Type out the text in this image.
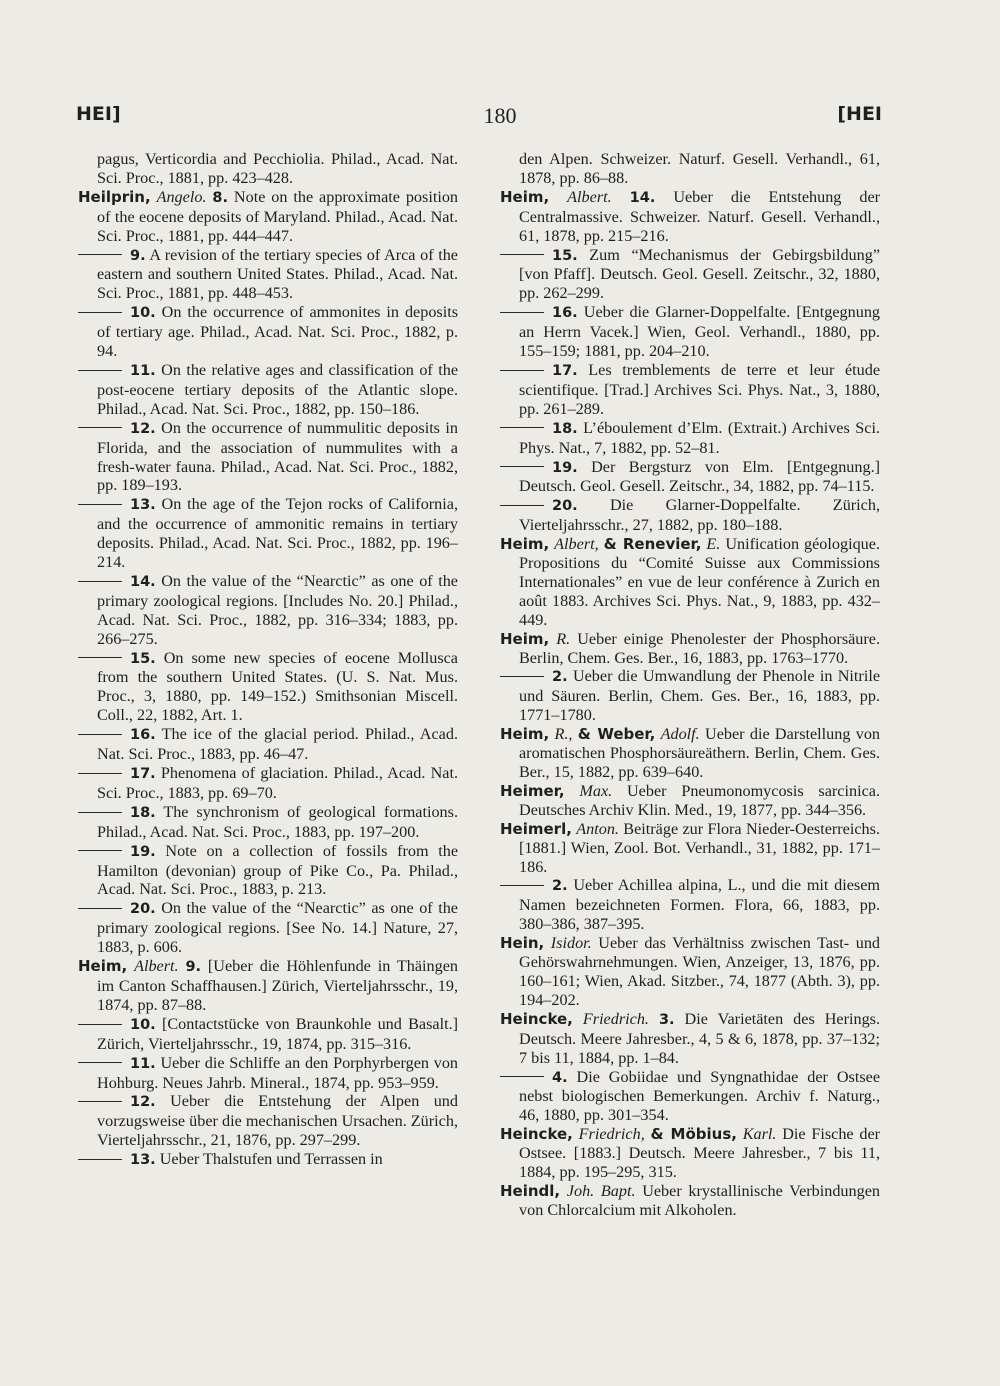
HEI]	180	[HEI

pagus, Verticordia and Pecchiolia. Philad., Acad. Nat. Sci. Proc., 1881, pp. 423–428.

Heilprin, Angelo. 8. Note on the approximate position of the eocene deposits of Maryland. Philad., Acad. Nat. Sci. Proc., 1881, pp. 444–447.

9. A revision of the tertiary species of Arca of the eastern and southern United States. Philad., Acad. Nat. Sci. Proc., 1881, pp. 448–453.

10. On the occurrence of ammonites in deposits of tertiary age. Philad., Acad. Nat. Sci. Proc., 1882, p. 94.

11. On the relative ages and classification of the post-eocene tertiary deposits of the Atlantic slope. Philad., Acad. Nat. Sci. Proc., 1882, pp. 150–186.

12. On the occurrence of nummulitic deposits in Florida, and the association of nummulites with a fresh-water fauna. Philad., Acad. Nat. Sci. Proc., 1882, pp. 189–193.

13. On the age of the Tejon rocks of California, and the occurrence of ammonitic remains in tertiary deposits. Philad., Acad. Nat. Sci. Proc., 1882, pp. 196–214.

14. On the value of the “Nearctic” as one of the primary zoological regions. [Includes No. 20.] Philad., Acad. Nat. Sci. Proc., 1882, pp. 316–334; 1883, pp. 266–275.

15. On some new species of eocene Mollusca from the southern United States. (U. S. Nat. Mus. Proc., 3, 1880, pp. 149–152.) Smithsonian Miscell. Coll., 22, 1882, Art. 1.

16. The ice of the glacial period. Philad., Acad. Nat. Sci. Proc., 1883, pp. 46–47.

17. Phenomena of glaciation. Philad., Acad. Nat. Sci. Proc., 1883, pp. 69–70.

18. The synchronism of geological formations. Philad., Acad. Nat. Sci. Proc., 1883, pp. 197–200.

19. Note on a collection of fossils from the Hamilton (devonian) group of Pike Co., Pa. Philad., Acad. Nat. Sci. Proc., 1883, p. 213.

20. On the value of the “Nearctic” as one of the primary zoological regions. [See No. 14.] Nature, 27, 1883, p. 606.

Heim, Albert. 9. [Ueber die Höhlenfunde in Thäingen im Canton Schaffhausen.] Zürich, Vierteljahrsschr., 19, 1874, pp. 87–88.

10. [Contactstücke von Braunkohle und Basalt.] Zürich, Vierteljahrsschr., 19, 1874, pp. 315–316.

11. Ueber die Schliffe an den Porphyrbergen von Hohburg. Neues Jahrb. Mineral., 1874, pp. 953–959.

12. Ueber die Entstehung der Alpen und vorzugsweise über die mechanischen Ursachen. Zürich, Vierteljahrsschr., 21, 1876, pp. 297–299.

13. Ueber Thalstufen und Terrassen in

den Alpen. Schweizer. Naturf. Gesell. Verhandl., 61, 1878, pp. 86–88.

Heim, Albert. 14. Ueber die Entstehung der Centralmassive. Schweizer. Naturf. Gesell. Verhandl., 61, 1878, pp. 215–216.

15. Zum “Mechanismus der Gebirgsbildung” [von Pfaff]. Deutsch. Geol. Gesell. Zeitschr., 32, 1880, pp. 262–299.

16. Ueber die Glarner-Doppelfalte. [Entgegnung an Herrn Vacek.] Wien, Geol. Verhandl., 1880, pp. 155–159; 1881, pp. 204–210.

17. Les tremblements de terre et leur étude scientifique. [Trad.] Archives Sci. Phys. Nat., 3, 1880, pp. 261–289.

18. L’éboulement d’Elm. (Extrait.) Archives Sci. Phys. Nat., 7, 1882, pp. 52–81.

19. Der Bergsturz von Elm. [Entgegnung.] Deutsch. Geol. Gesell. Zeitschr., 34, 1882, pp. 74–115.

20. Die Glarner-Doppelfalte. Zürich, Vierteljahrsschr., 27, 1882, pp. 180–188.

Heim, Albert, & Renevier, E. Unification géologique. Propositions du “Comité Suisse aux Commissions Internationales” en vue de leur conférence à Zurich en août 1883. Archives Sci. Phys. Nat., 9, 1883, pp. 432–449.

Heim, R. Ueber einige Phenolester der Phosphorsäure. Berlin, Chem. Ges. Ber., 16, 1883, pp. 1763–1770.

2. Ueber die Umwandlung der Phenole in Nitrile und Säuren. Berlin, Chem. Ges. Ber., 16, 1883, pp. 1771–1780.

Heim, R., & Weber, Adolf. Ueber die Darstellung von aromatischen Phosphorsäureäthern. Berlin, Chem. Ges. Ber., 15, 1882, pp. 639–640.

Heimer, Max. Ueber Pneumonomycosis sarcinica. Deutsches Archiv Klin. Med., 19, 1877, pp. 344–356.

Heimerl, Anton. Beiträge zur Flora Nieder-Oesterreichs. [1881.] Wien, Zool. Bot. Verhandl., 31, 1882, pp. 171–186.

2. Ueber Achillea alpina, L., und die mit diesem Namen bezeichneten Formen. Flora, 66, 1883, pp. 380–386, 387–395.

Hein, Isidor. Ueber das Verhältniss zwischen Tast- und Gehörswahrnehmungen. Wien, Anzeiger, 13, 1876, pp. 160–161; Wien, Akad. Sitzber., 74, 1877 (Abth. 3), pp. 194–202.

Heincke, Friedrich. 3. Die Varietäten des Herings. Deutsch. Meere Jahresber., 4, 5 & 6, 1878, pp. 37–132; 7 bis 11, 1884, pp. 1–84.

4. Die Gobiidae und Syngnathidae der Ostsee nebst biologischen Bemerkungen. Archiv f. Naturg., 46, 1880, pp. 301–354.

Heincke, Friedrich, & Möbius, Karl. Die Fische der Ostsee. [1883.] Deutsch. Meere Jahresber., 7 bis 11, 1884, pp. 195–295, 315.

Heindl, Joh. Bapt. Ueber krystallinische Verbindungen von Chlorcalcium mit Alkoholen.
